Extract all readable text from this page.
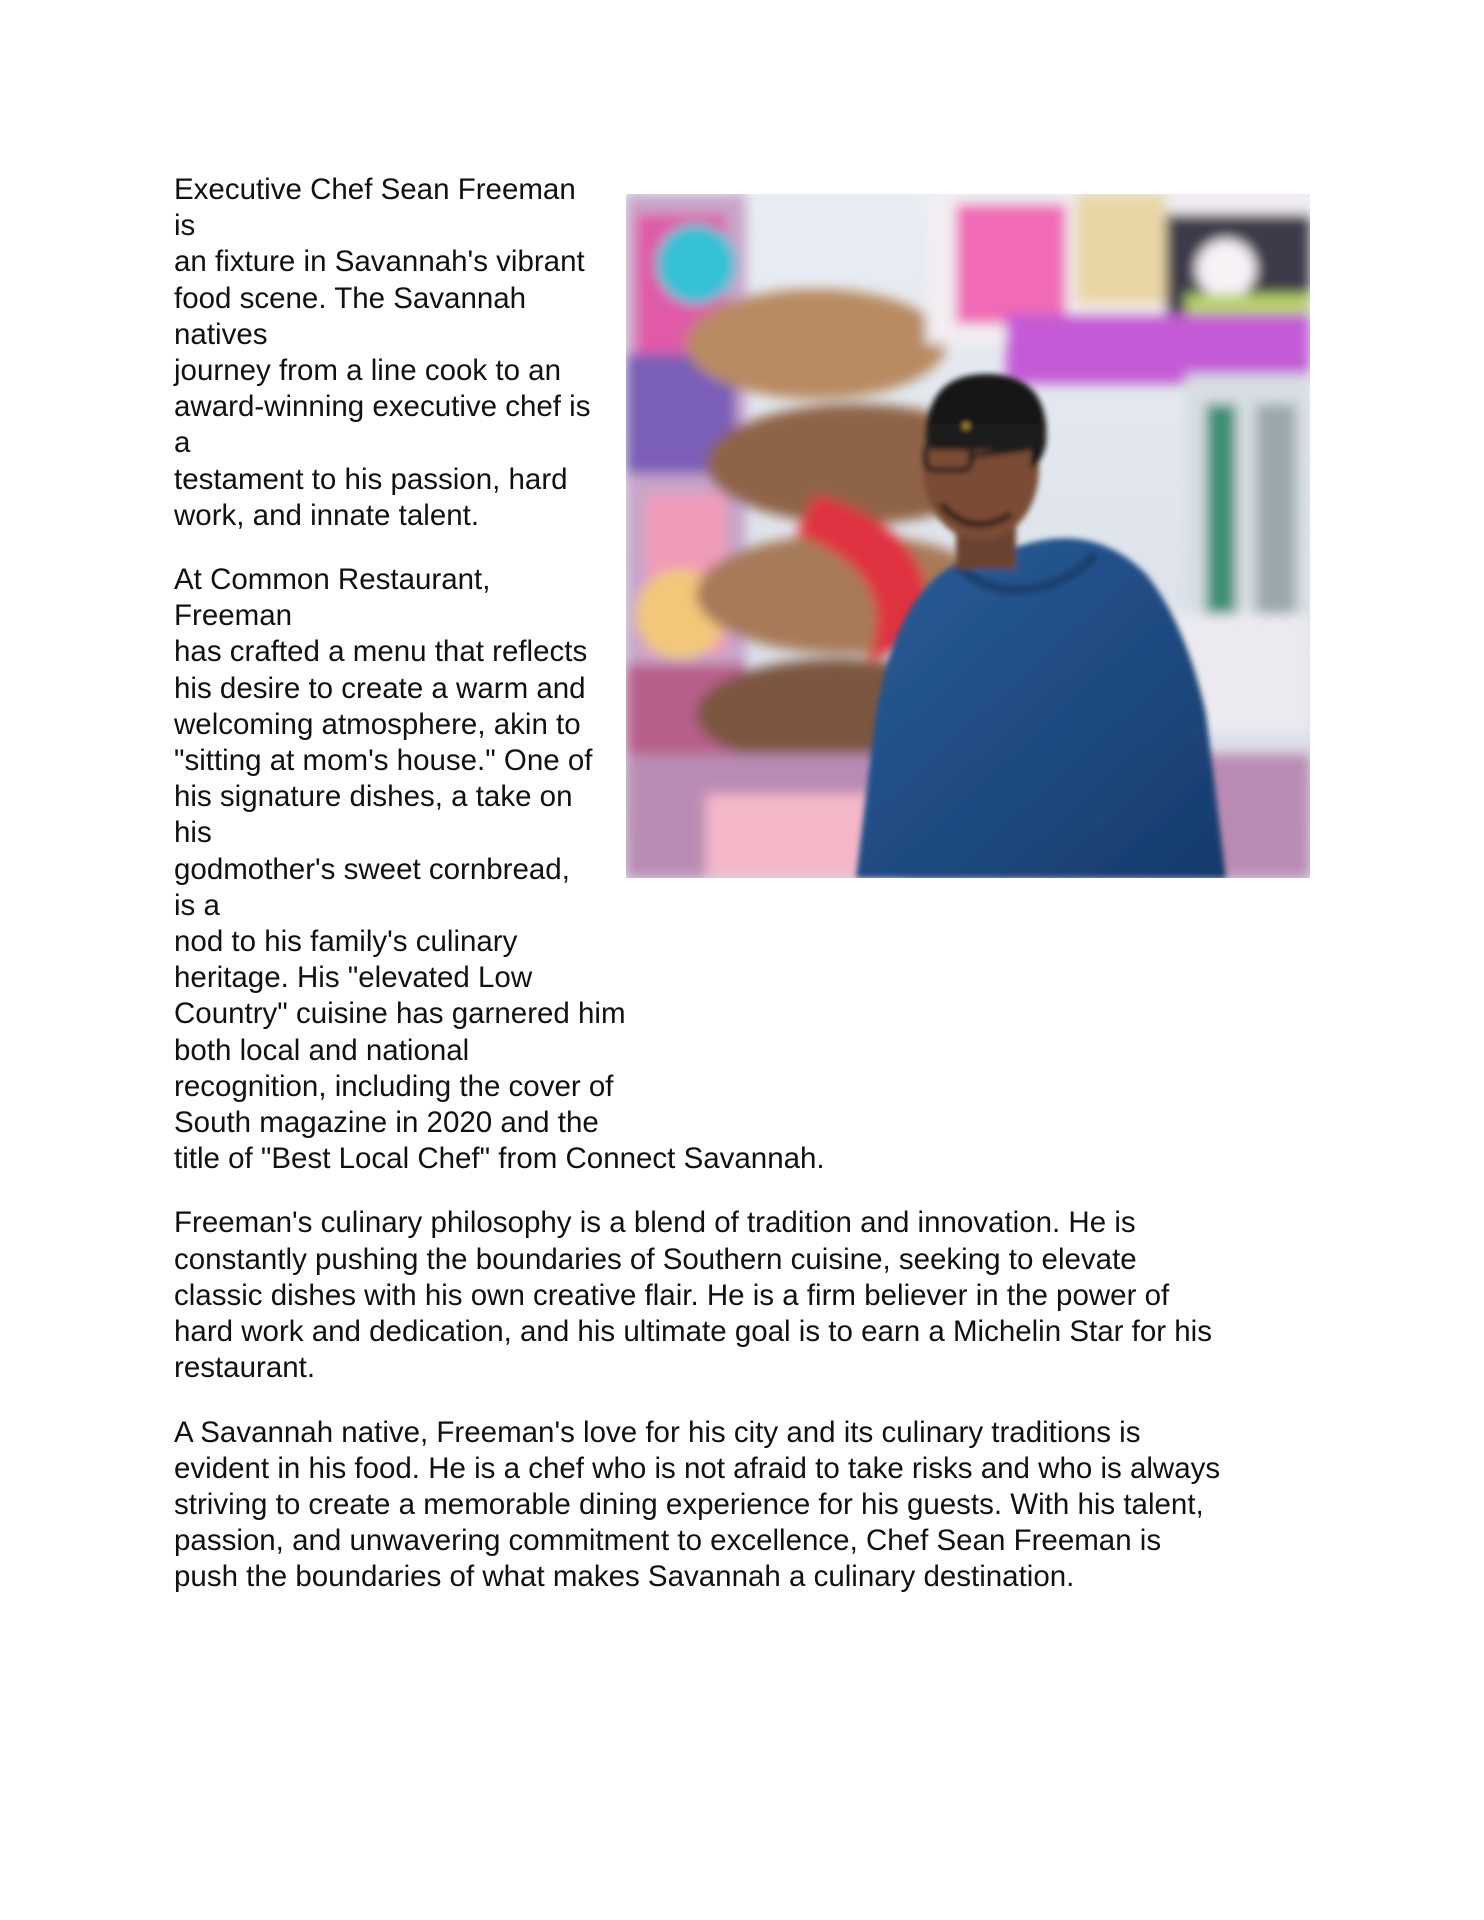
Executive Chef Sean Freeman is
an fixture in Savannah's vibrant
food scene. The Savannah natives
journey from a line cook to an
award-winning executive chef is a
testament to his passion, hard
work, and innate talent.

At Common Restaurant, Freeman
has crafted a menu that reflects
his desire to create a warm and
welcoming atmosphere, akin to
"sitting at mom's house." One of
his signature dishes, a take on his
godmother's sweet cornbread, is a
nod to his family's culinary
heritage. His "elevated Low
Country" cuisine has garnered him
both local and national
recognition, including the cover of
South magazine in 2020 and the
title of "Best Local Chef" from Connect Savannah.

Freeman's culinary philosophy is a blend of tradition and innovation. He is
constantly pushing the boundaries of Southern cuisine, seeking to elevate
classic dishes with his own creative flair. He is a firm believer in the power of
hard work and dedication, and his ultimate goal is to earn a Michelin Star for his
restaurant.

A Savannah native, Freeman's love for his city and its culinary traditions is
evident in his food. He is a chef who is not afraid to take risks and who is always
striving to create a memorable dining experience for his guests. With his talent,
passion, and unwavering commitment to excellence, Chef Sean Freeman is
push the boundaries of what makes Savannah a culinary destination.
